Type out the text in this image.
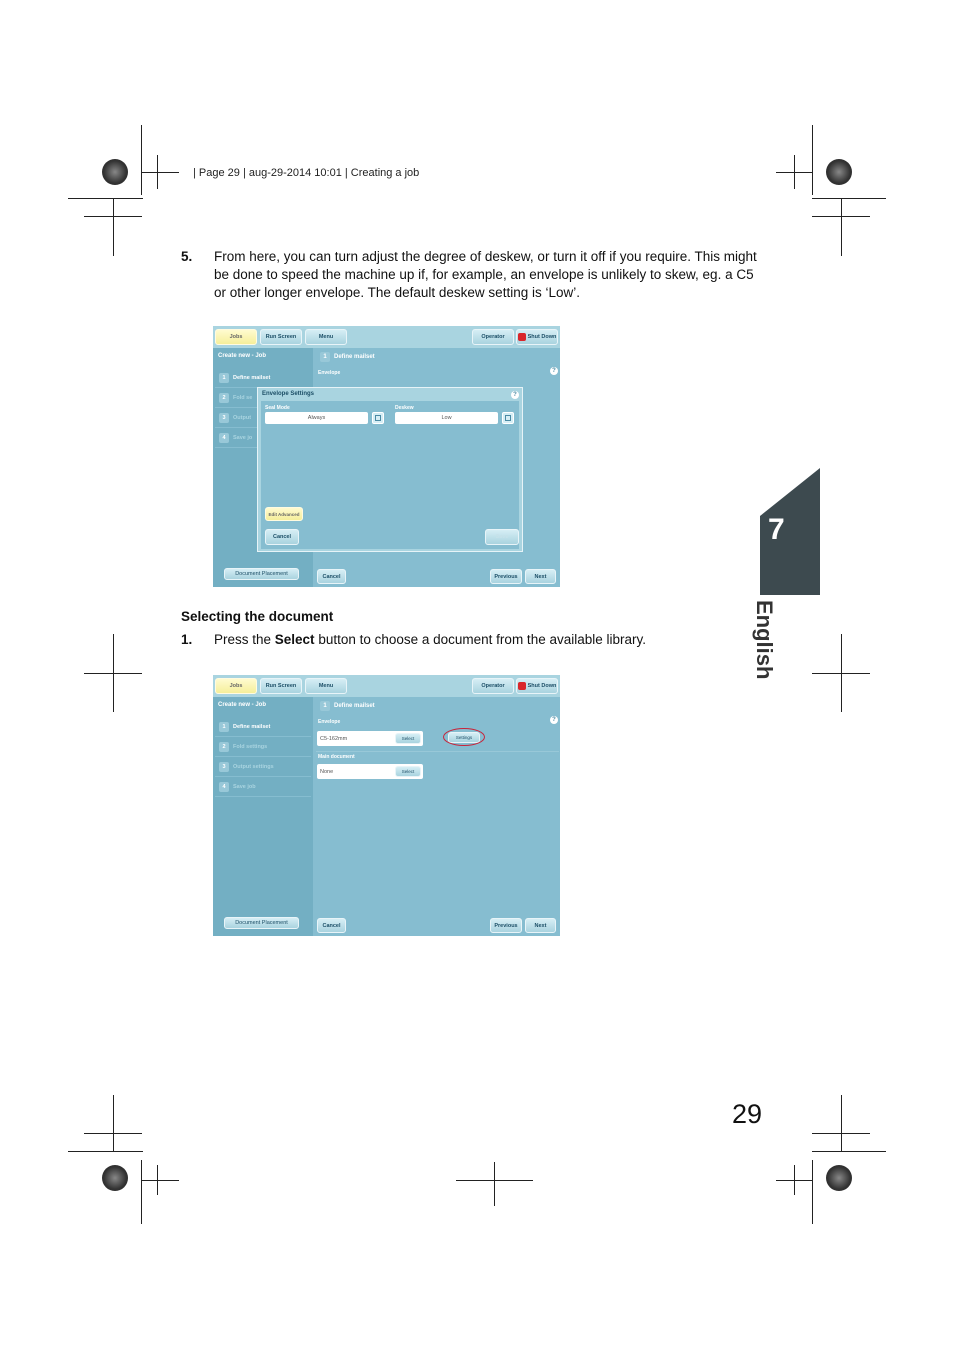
| Page 29 | aug-29-2014 10:01 | Creating a job
5. From here, you can turn adjust the degree of deskew, or turn it off if you require. This might be done to speed the machine up if, for example, an envelope is unlikely to skew, eg. a C5 or other longer envelope. The default deskew setting is ‘Low’.
Jobs	Run Screen	Menu	Operator	Shut Down
Create new - Job
1	Define mailset
2	Fold se
3	Output
4	Save jo
1	Define mailset
?
Envelope
Envelope Settings	?
Seal Mode
Always
Deskew
Low
Edit Advanced
Cancel	Save
Document Placement	Cancel	Previous	Next
Selecting the document
1. Press the Select button to choose a document from the available library.
Jobs	Run Screen	Menu	Operator	Shut Down
Create new - Job
1	Define mailset
2	Fold settings
3	Output settings
4	Save job
1	Define mailset
?
Envelope
C5-162mm	Select	Settings
Main document
None	Select
Document Placement	Cancel	Previous	Next
7
English
29
